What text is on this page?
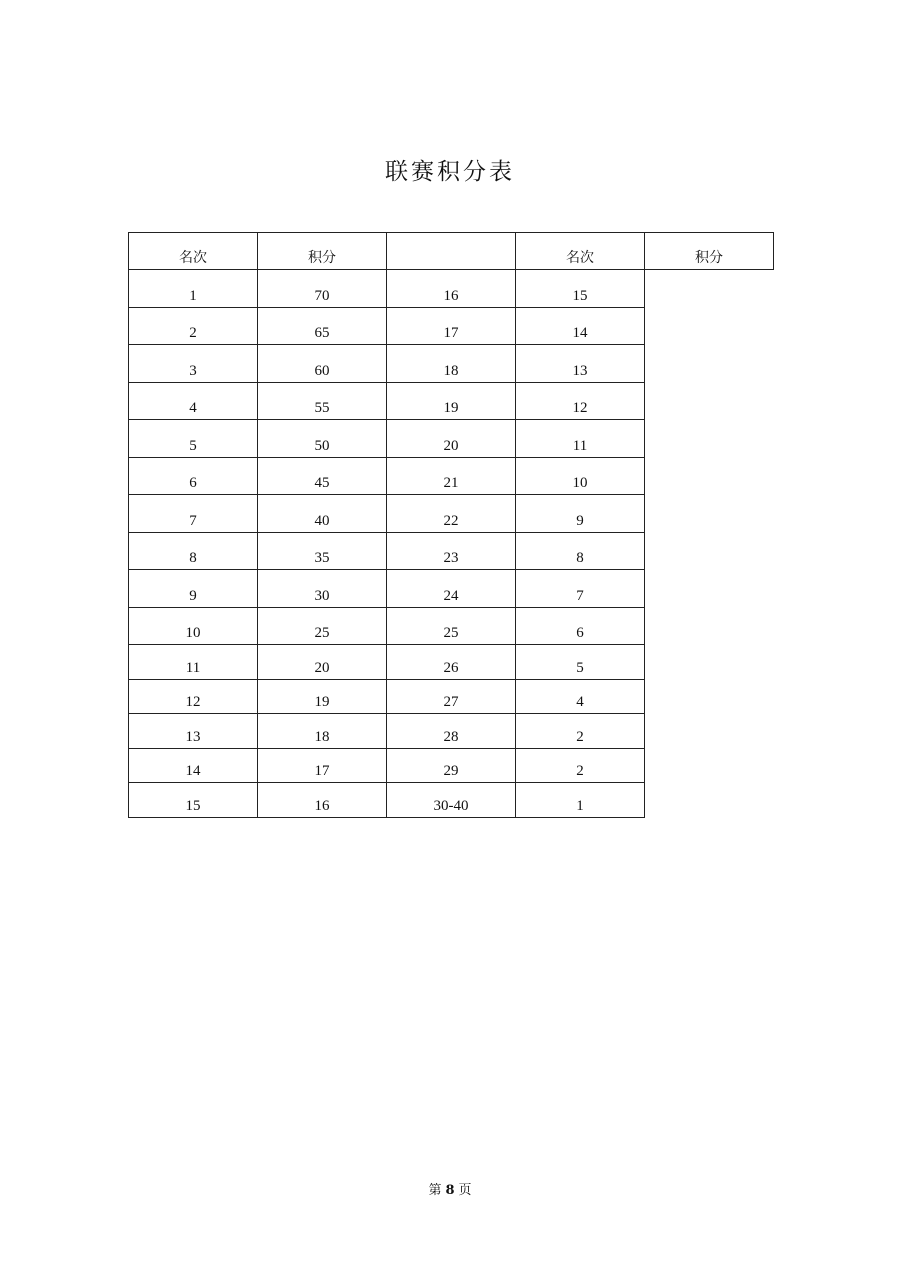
联赛积分表
名次	积分		名次	积分
1	70	16	15	
2	65	17	14	
3	60	18	13	
4	55	19	12	
5	50	20	11	
6	45	21	10	
7	40	22	9	
8	35	23	8	
9	30	24	7	
10	25	25	6	
11	20	26	5	
12	19	27	4	
13	18	28	2	
14	17	29	2	
15	16	30-40	1	
第 8 页
